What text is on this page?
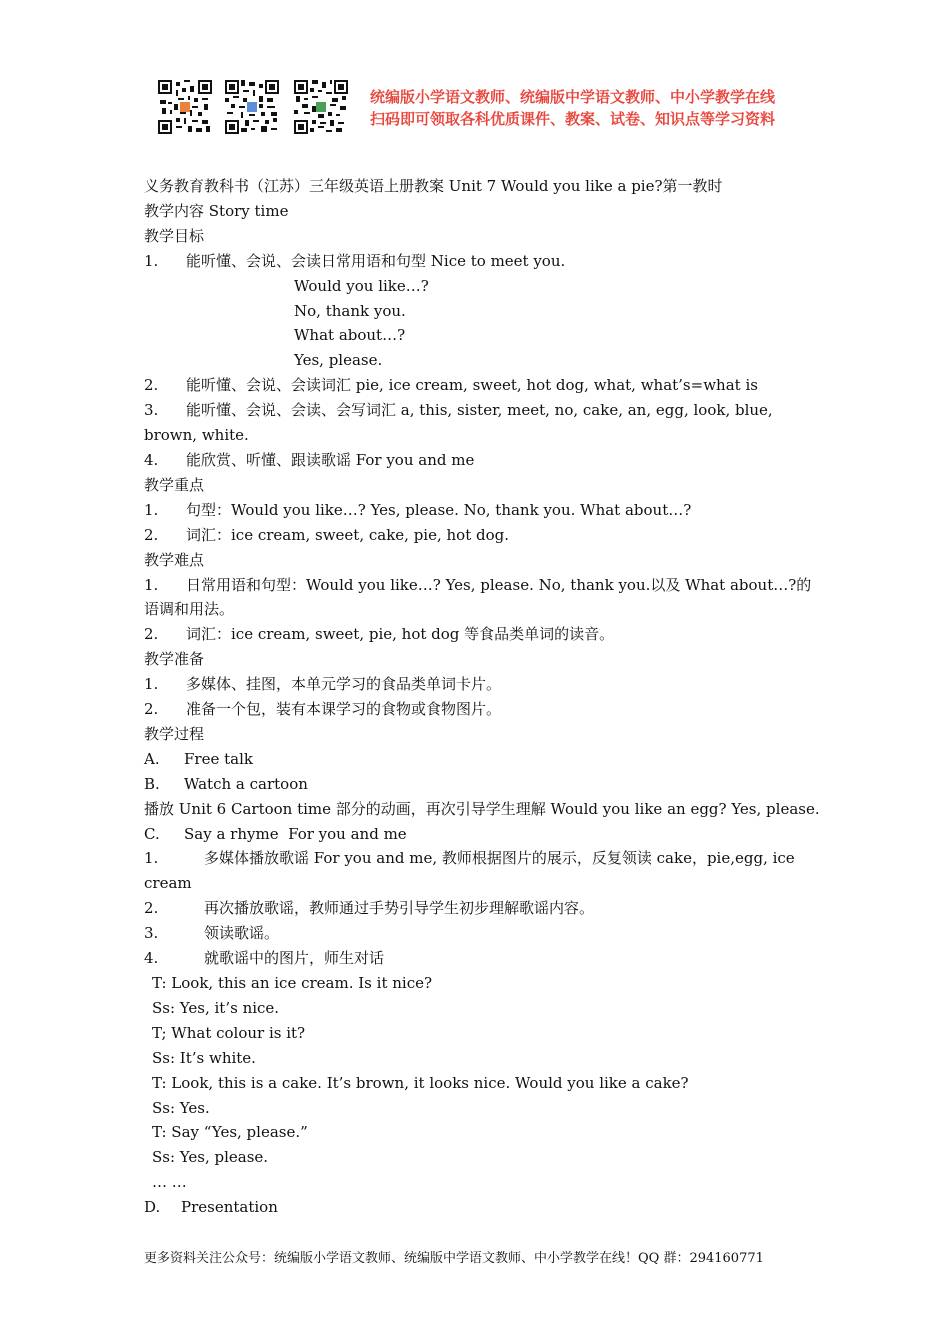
统编版小学语文教师、统编版中学语文教师、中小学教学在线
扫码即可领取各科优质课件、教案、试卷、知识点等学习资料
义务教育教科书（江苏）三年级英语上册教案 Unit 7 Would you like a pie?第一教时
教学内容 Story time
教学目标
1. 能听懂、会说、会读日常用语和句型 Nice to meet you.
Would you like…?
No, thank you.
What about…?
Yes, please.
2. 能听懂、会说、会读词汇 pie, ice cream, sweet, hot dog, what, what’s=what is
3. 能听懂、会说、会读、会写词汇 a, this, sister, meet, no, cake, an, egg, look, blue, brown, white.
4. 能欣赏、听懂、跟读歌谣 For you and me
教学重点
1. 句型：Would you like…? Yes, please. No, thank you. What about…?
2. 词汇：ice cream, sweet, cake, pie, hot dog.
教学难点
1. 日常用语和句型：Would you like…? Yes, please. No, thank you.以及 What about…?的语调和用法。
2. 词汇：ice cream, sweet, pie, hot dog 等食品类单词的读音。
教学准备
1. 多媒体、挂图，本单元学习的食品类单词卡片。
2. 准备一个包，装有本课学习的食物或食物图片。
教学过程
A. Free talk
B. Watch a cartoon
播放 Unit 6 Cartoon time 部分的动画，再次引导学生理解 Would you like an egg? Yes, please.
C. Say a rhyme  For you and me
1.	多媒体播放歌谣 For you and me, 教师根据图片的展示，反复领读 cake，pie,egg, ice cream
2.	再次播放歌谣，教师通过手势引导学生初步理解歌谣内容。
3.	领读歌谣。
4.	就歌谣中的图片，师生对话
T: Look, this an ice cream. Is it nice?
Ss: Yes, it’s nice.
T; What colour is it?
Ss: It’s white.
T: Look, this is a cake. It’s brown, it looks nice. Would you like a cake?
Ss: Yes.
T: Say “Yes, please.”
Ss: Yes, please.
… …
D. Presentation
更多资料关注公众号：统编版小学语文教师、统编版中学语文教师、中小学教学在线！QQ 群：294160771
